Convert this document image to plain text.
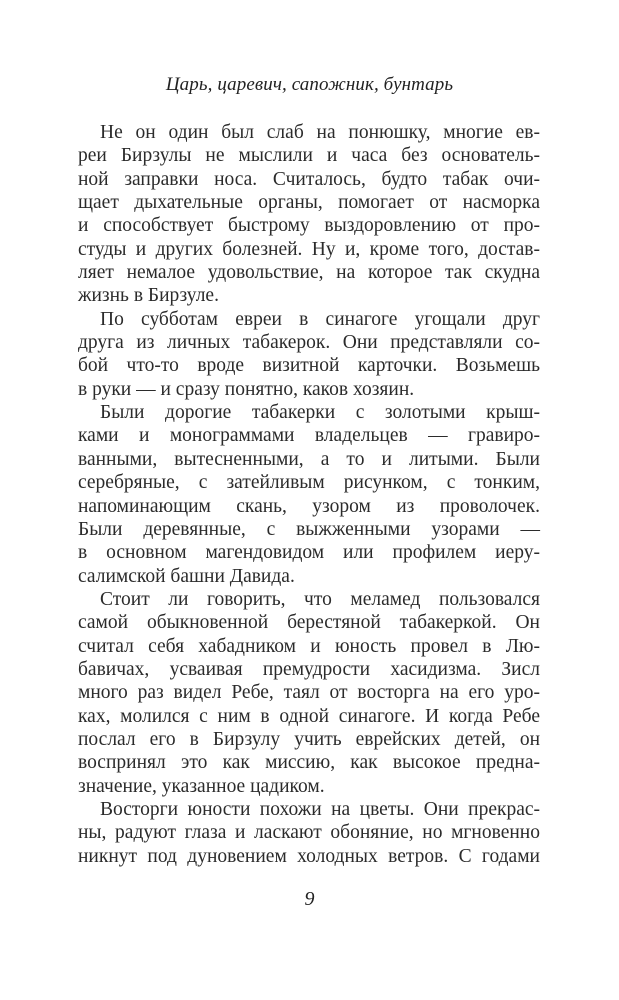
Царь, царевич, сапожник, бунтарь
Не он один был слаб на понюшку, многие ев-
реи Бирзулы не мыслили и часа без основатель-
ной заправки носа. Считалось, будто табак очи-
щает дыхательные органы, помогает от насморка
и способствует быстрому выздоровлению от про-
студы и других болезней. Ну и, кроме того, достав-
ляет немалое удовольствие, на которое так скудна
жизнь в Бирзуле.
По субботам евреи в синагоге угощали друг
друга из личных табакерок. Они представляли со-
бой что-то вроде визитной карточки. Возьмешь
в руки — и сразу понятно, каков хозяин.
Были дорогие табакерки с золотыми крыш-
ками и монограммами владельцев — гравиро-
ванными, вытесненными, а то и литыми. Были
серебряные, с затейливым рисунком, с тонким,
напоминающим скань, узором из проволочек.
Были деревянные, с выжженными узорами —
в основном магендовидом или профилем иеру-
салимской башни Давида.
Стоит ли говорить, что меламед пользовался
самой обыкновенной берестяной табакеркой. Он
считал себя хабадником и юность провел в Лю-
бавичах, усваивая премудрости хасидизма. Зисл
много раз видел Ребе, таял от восторга на его уро-
ках, молился с ним в одной синагоге. И когда Ребе
послал его в Бирзулу учить еврейских детей, он
воспринял это как миссию, как высокое предна-
значение, указанное цадиком.
Восторги юности похожи на цветы. Они прекрас-
ны, радуют глаза и ласкают обоняние, но мгновенно
никнут под дуновением холодных ветров. С годами
9
